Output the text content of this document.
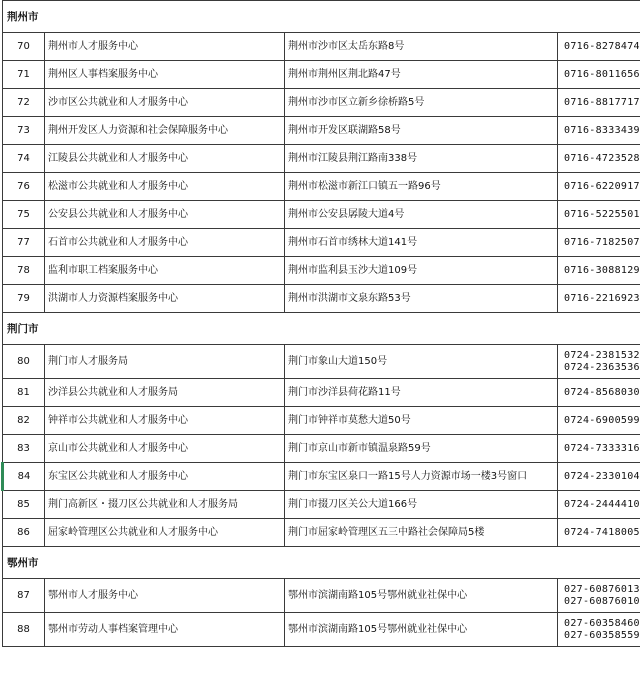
荆州市			
70	荆州市人才服务中心	荆州市沙市区太岳东路8号	0716-8278474

71	荆州区人事档案服务中心	荆州市荆州区荆北路47号	0716-8011656

72	沙市区公共就业和人才服务中心	荆州市沙市区立新乡徐桥路5号	0716-8817717

73	荆州开发区人力资源和社会保障服务中心	荆州市开发区联湖路58号	0716-8333439

74	江陵县公共就业和人才服务中心	荆州市江陵县荆江路南338号	0716-4723528

76	松滋市公共就业和人才服务中心	荆州市松滋市新江口镇五一路96号	0716-6220917

75	公安县公共就业和人才服务中心	荆州市公安县孱陵大道4号	0716-5225501

77	石首市公共就业和人才服务中心	荆州市石首市绣林大道141号	0716-7182507

78	监利市职工档案服务中心	荆州市监利县玉沙大道109号	0716-3088129

79	洪湖市人力资源档案服务中心	荆州市洪湖市文泉东路53号	0716-2216923

荆门市			
80	荆门市人才服务局	荆门市象山大道150号	0724-2381532
0724-2363536

81	沙洋县公共就业和人才服务局	荆门市沙洋县荷花路11号	0724-8568030

82	钟祥市公共就业和人才服务中心	荆门市钟祥市莫愁大道50号	0724-6900599

83	京山市公共就业和人才服务中心	荆门市京山市新市镇温泉路59号	0724-7333316

84	东宝区公共就业和人才服务中心	荆门市东宝区泉口一路15号人力资源市场一楼3号窗口	0724-2330104

85	荆门高新区・掇刀区公共就业和人才服务局	荆门市掇刀区关公大道166号	0724-2444410

86	屈家岭管理区公共就业和人才服务中心	荆门市屈家岭管理区五三中路社会保障局5楼	0724-7418005

鄂州市			
87	鄂州市人才服务中心	鄂州市滨湖南路105号鄂州就业社保中心	027-60876013
027-60876010

88	鄂州市劳动人事档案管理中心	鄂州市滨湖南路105号鄂州就业社保中心	027-60358460
027-60358559
